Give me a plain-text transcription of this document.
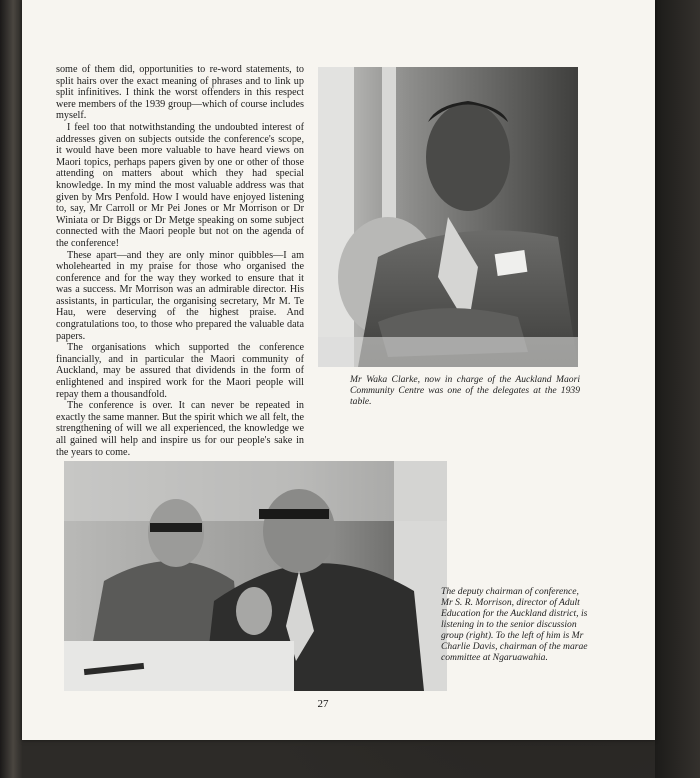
some of them did, opportunities to re-word statements, to split hairs over the exact meaning of phrases and to link up split infinitives. I think the worst offenders in this respect were members of the 1939 group—which of course includes myself.

I feel too that notwithstanding the undoubted interest of addresses given on subjects outside the conference's scope, it would have been more valuable to have heard views on Maori topics, perhaps papers given by one or other of those attending on matters about which they had special knowledge. In my mind the most valuable address was that given by Mrs Penfold. How I would have enjoyed listening to, say, Mr Carroll or Mr Pei Jones or Mr Morrison or Dr Winiata or Dr Biggs or Dr Metge speaking on some subject connected with the Maori people but not on the agenda of the conference!

These apart—and they are only minor quibbles—I am wholehearted in my praise for those who organised the conference and for the way they worked to ensure that it was a success. Mr Morrison was an admirable director. His assistants, in particular, the organising secretary, Mr M. Te Hau, were deserving of the highest praise. And congratulations too, to those who prepared the valuable data papers.

The organisations which supported the conference financially, and in particular the Maori community of Auckland, may be assured that dividends in the form of enlightened and inspired work for the Maori people will repay them a thousandfold.

The conference is over. It can never be repeated in exactly the same manner. But the spirit which we all felt, the strengthening of will we all experienced, the knowledge we all gained will help and inspire us for our people's sake in the years to come.

Mr Waka Clarke, now in charge of the Auckland Maori Community Centre was one of the delegates at the 1939 table.
The deputy chairman of conference, Mr S. R. Morrison, director of Adult Education for the Auckland district, is listening in to the senior discussion group (right). To the left of him is Mr Charlie Davis, chairman of the marae committee at Ngaruawahia.
27
